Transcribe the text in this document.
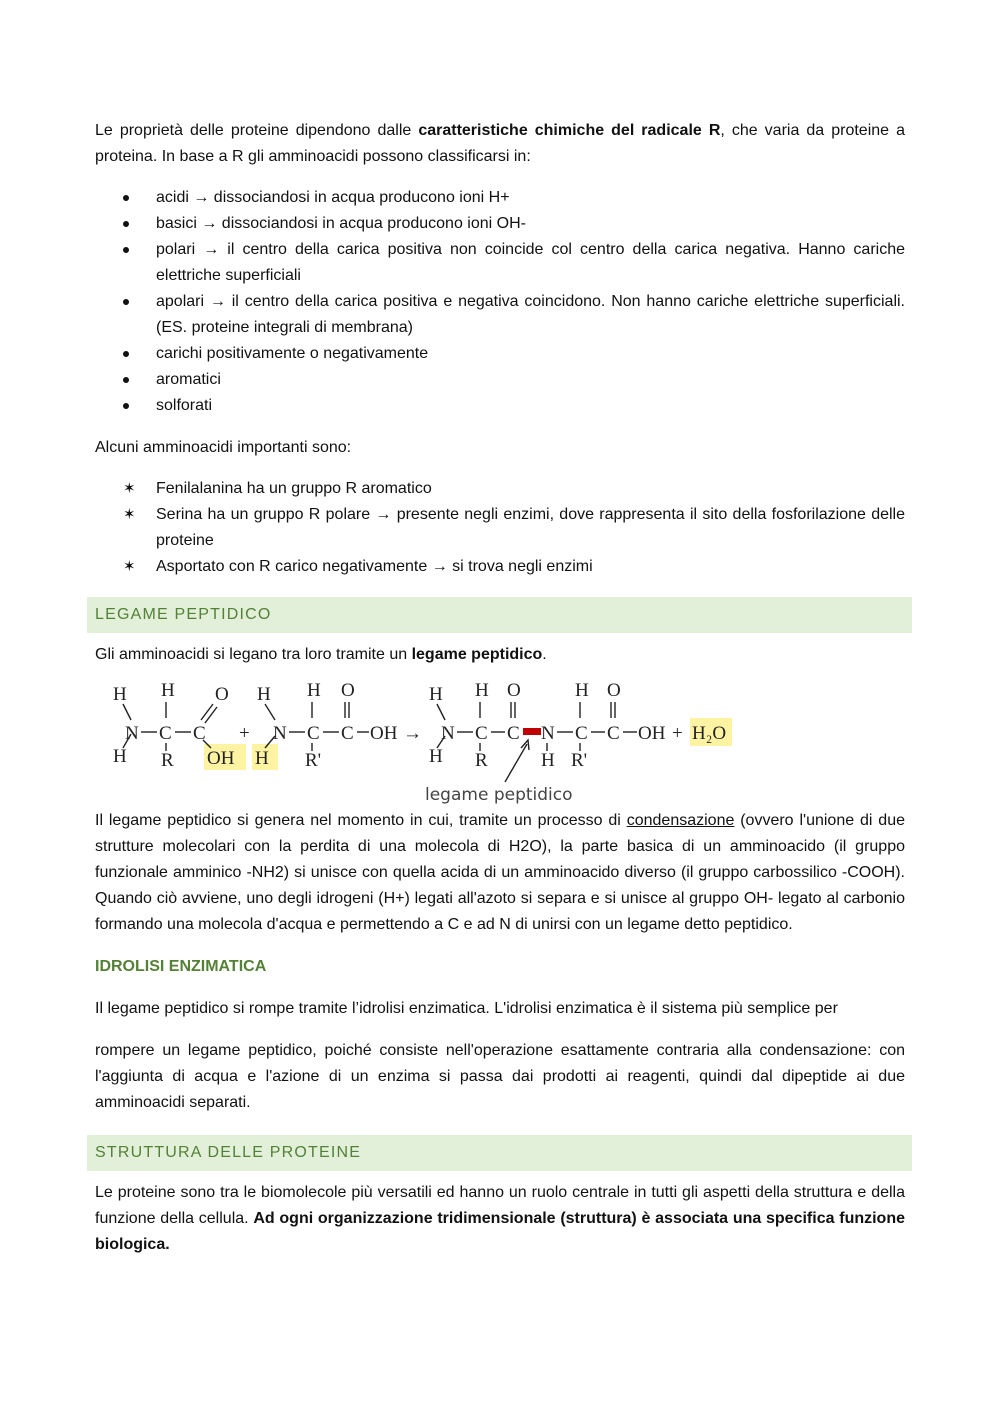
Le proprietà delle proteine dipendono dalle caratteristiche chimiche del radicale R, che varia da proteine a proteina. In base a R gli amminoacidi possono classificarsi in:

acidi → dissociandosi in acqua producono ioni H+
basici → dissociandosi in acqua producono ioni OH-
polari → il centro della carica positiva non coincide col centro della carica negativa. Hanno cariche elettriche superficiali
apolari → il centro della carica positiva e negativa coincidono. Non hanno cariche elettriche superficiali. (ES. proteine integrali di membrana)
carichi positivamente o negativamente
aromatici
solforati

Alcuni amminoacidi importanti sono:

✶	Fenilalanina ha un gruppo R aromatico
✶	Serina ha un gruppo R polare → presente negli enzimi, dove rappresenta il sito della fosforilazione delle proteine
✶	Asportato con R carico negativamente → si trova negli enzimi
LEGAME PEPTIDICO

Gli amminoacidi si legano tra loro tramite un legame peptidico.

H H O
N C C
H R OH
+
H H O
N C C
H R'
OH →
H H O
N C C N
H R	H
H O
C C
R'
OH + H₂O
legame peptidico

Il legame peptidico si genera nel momento in cui, tramite un processo di condensazione (ovvero l'unione di due strutture molecolari con la perdita di una molecola di H2O), la parte basica di un amminoacido (il gruppo funzionale amminico -NH2) si unisce con quella acida di un amminoacido diverso (il gruppo carbossilico -COOH). Quando ciò avviene, uno degli idrogeni (H+) legati all'azoto si separa e si unisce al gruppo OH- legato al carbonio formando una molecola d'acqua e permettendo a C e ad N di unirsi con un legame detto peptidico.

IDROLISI ENZIMATICA

Il legame peptidico si rompe tramite l’idrolisi enzimatica. L'idrolisi enzimatica è il sistema più semplice per

rompere un legame peptidico, poiché consiste nell'operazione esattamente contraria alla condensazione: con l'aggiunta di acqua e l'azione di un enzima si passa dai prodotti ai reagenti, quindi dal dipeptide ai due amminoacidi separati.

STRUTTURA DELLE PROTEINE

Le proteine sono tra le biomolecole più versatili ed hanno un ruolo centrale in tutti gli aspetti della struttura e della funzione della cellula. Ad ogni organizzazione tridimensionale (struttura) è associata una specifica funzione biologica.
